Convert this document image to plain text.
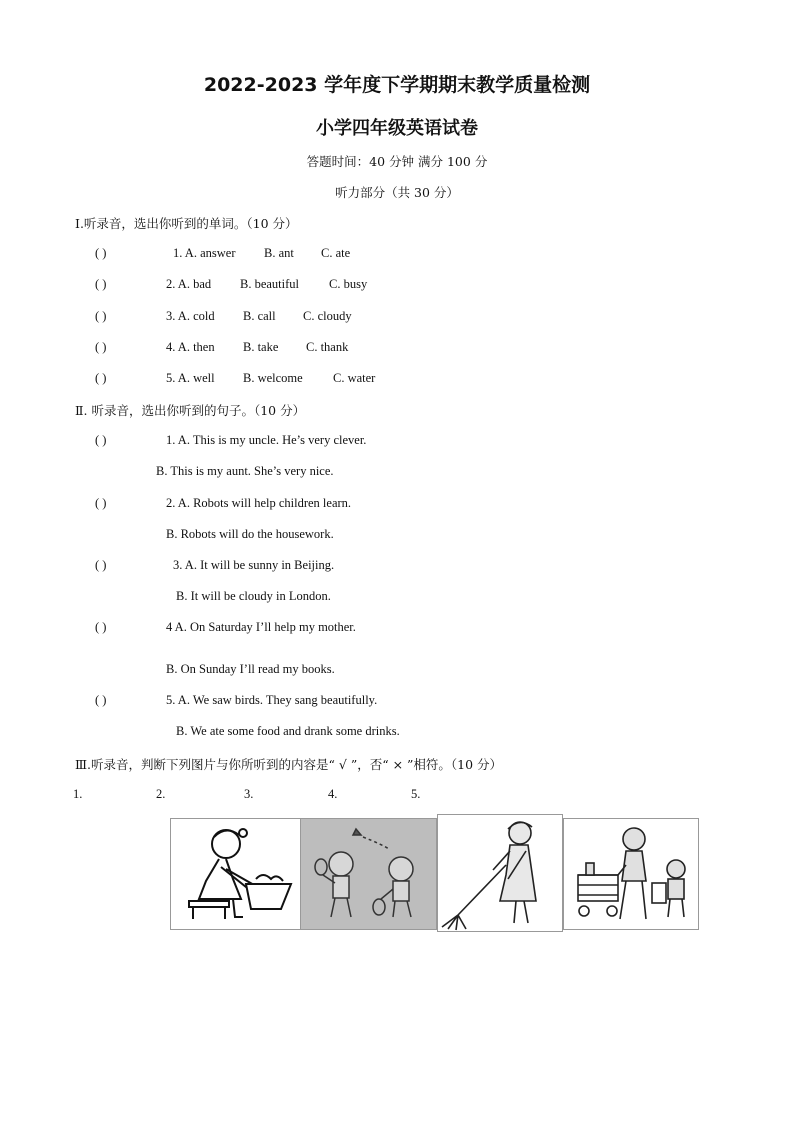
2022-2023 学年度下学期期末教学质量检测
小学四年级英语试卷
答题时间：40 分钟 满分 100 分
听力部分（共 30 分）
Ⅰ.听录音，选出你听到的单词。（10 分）
( )	1. A. answer B. ant C. ate
( )	2. A. bad B. beautiful C. busy
( )	3. A. cold B. call C. cloudy
( )	4. A. then B. take C. thank
( )	5. A. well B. welcome C. water
Ⅱ. 听录音，选出你听到的句子。（10 分）
( )	1. A. This is my uncle. He’s very clever.
B. This is my aunt. She’s very nice.
( )	2. A. Robots will help children learn.
B. Robots will do the housework.
( )	3. A. It will be sunny in Beijing.
B. It will be cloudy in London.
( )	4 A. On Saturday I’ll help my mother.
B. On Sunday I’ll read my books.
( )	5. A. We saw birds. They sang beautifully.
B. We ate some food and drank some drinks.
Ⅲ.听录音，判断下列图片与你所听到的内容是“ √ ”，否“ × ”相符。（10 分）
1.	2.	3.	4.	5.
